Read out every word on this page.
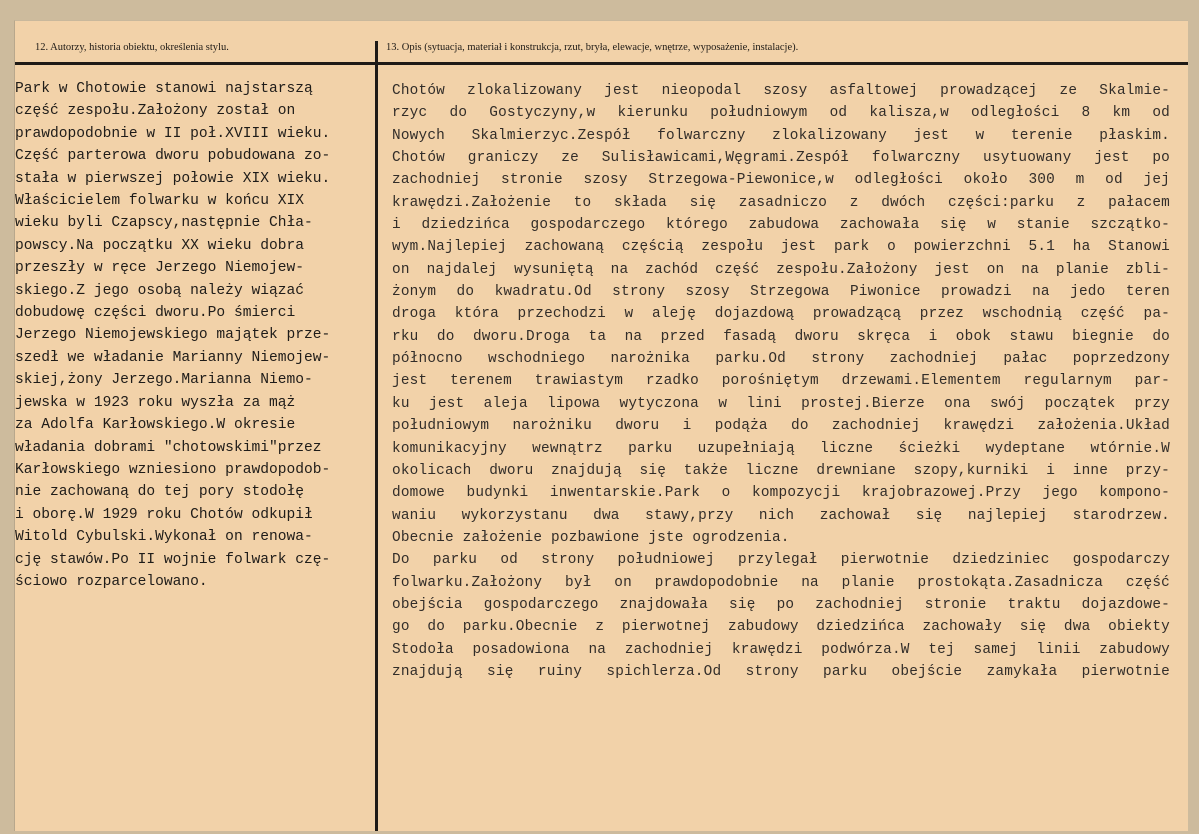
12. Autorzy, historia obiektu, określenia stylu.
Park w Chotowie stanowi najstarszą
część zespołu.Założony został on
prawdopodobnie w II poł.XVIII wieku.
Część parterowa dworu pobudowana zo-
stała w pierwszej połowie XIX wieku.
Właścicielem folwarku w końcu XIX
wieku byli Czapscy,następnie Chła-
powscy.Na początku XX wieku dobra
przeszły w ręce Jerzego Niemojew-
skiego.Z jego osobą należy wiązać
dobudowę części dworu.Po śmierci
Jerzego Niemojewskiego majątek prze-
szedł we władanie Marianny Niemojew-
skiej,żony Jerzego.Marianna Niemo-
jewska w 1923 roku wyszła za mąż
za Adolfa Karłowskiego.W okresie
władania dobrami "chotowskimi"przez
Karłowskiego wzniesiono prawdopodob-
nie zachowaną do tej pory stodołę
i oborę.W 1929 roku Chotów odkupił
Witold Cybulski.Wykonał on renowa-
cję stawów.Po II wojnie folwark czę-
ściowo rozparcelowano.
13. Opis (sytuacja, materiał i konstrukcja, rzut, bryła, elewacje, wnętrze, wyposażenie, instalacje).
Chotów zlokalizowany jest nieopodal szosy asfaltowej prowadzącej ze Skalmie-
rzyc do Gostyczyny,w kierunku południowym od kalisza,w odległości 8 km od
Nowych Skalmierzyc.Zespół folwarczny zlokalizowany jest w terenie płaskim.
Chotów graniczy ze Sulisławicami,Węgrami.Zespół folwarczny usytuowany jest po
zachodniej stronie szosy Strzegowa-Piewonice,w odległości około 300 m od jej
krawędzi.Założenie to składa się zasadniczo z dwóch części:parku z pałacem
i dziedzińca gospodarczego którego zabudowa zachowała się w stanie szczątko-
wym.Najlepiej zachowaną częścią zespołu jest park o powierzchni 5.1 ha Stanowi
on najdalej wysuniętą na zachód część zespołu.Założony jest on na planie zbli-
żonym do kwadratu.Od strony szosy Strzegowa Piwonice prowadzi na jedo teren
droga która przechodzi w aleję dojazdową prowadzącą przez wschodnią część pa-
rku do dworu.Droga ta na przed fasadą dworu skręca i obok stawu biegnie do
północno wschodniego narożnika parku.Od strony zachodniej pałac poprzedzony
jest terenem trawiastym rzadko porośniętym drzewami.Elementem regularnym par-
ku jest aleja lipowa wytyczona w lini prostej.Bierze ona swój początek przy
południowym narożniku dworu i podąża do zachodniej krawędzi założenia.Układ
komunikacyjny wewnątrz parku uzupełniają liczne ścieżki wydeptane wtórnie.W
okolicach dworu znajdują się także liczne drewniane szopy,kurniki i inne przy-
domowe budynki inwentarskie.Park o kompozycji krajobrazowej.Przy jego kompono-
waniu wykorzystanu dwa stawy,przy nich zachował się najlepiej starodrzew.
Obecnie założenie pozbawione jste ogrodzenia.
Do parku od strony południowej przylegał pierwotnie dziedziniec gospodarczy
folwarku.Założony był on prawdopodobnie na planie prostokąta.Zasadnicza część
obejścia gospodarczego znajdowała się po zachodniej stronie traktu dojazdowe-
go do parku.Obecnie z pierwotnej zabudowy dziedzińca zachowały się dwa obiekty
Stodoła posadowiona na zachodniej krawędzi podwórza.W tej samej linii zabudowy
znajdują się ruiny spichlerza.Od strony parku obejście zamykała pierwotnie
